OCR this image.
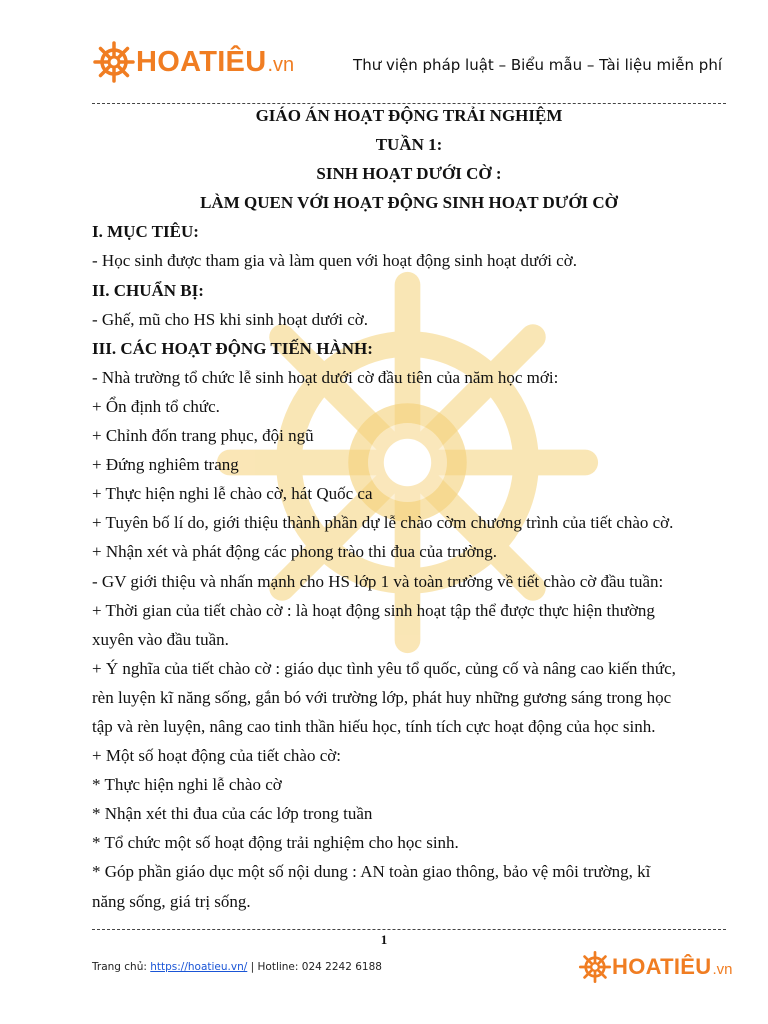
HOATIÊU .vn	Thư viện pháp luật – Biểu mẫu – Tài liệu miễn phí

GIÁO ÁN HOẠT ĐỘNG TRẢI NGHIỆM

TUẦN 1:

SINH HOẠT DƯỚI CỜ :

LÀM QUEN VỚI HOẠT ĐỘNG SINH HOẠT DƯỚI CỜ

I. MỤC TIÊU:

- Học sinh được tham gia và làm quen với hoạt động sinh hoạt dưới cờ.

II. CHUẨN BỊ:

- Ghế, mũ cho HS khi sinh hoạt dưới cờ.

III. CÁC HOẠT ĐỘNG TIẾN HÀNH:

- Nhà trường tổ chức lễ sinh hoạt dưới cờ đầu tiên của năm học mới:

+ Ổn định tổ chức.

+ Chỉnh đốn trang phục, đội ngũ

+ Đứng nghiêm trang

+ Thực hiện nghi lễ chào cờ, hát Quốc ca

+ Tuyên bố lí do, giới thiệu thành phần dự lễ chào cờm chương trình của tiết chào cờ.

+ Nhận xét và phát động các phong trào thi đua của trường.

- GV giới thiệu và nhấn mạnh cho HS lớp 1 và toàn trường về tiết chào cờ đầu tuần:

+ Thời gian của tiết chào cờ : là hoạt động sinh hoạt tập thể được thực hiện thường

xuyên vào đầu tuần.

+ Ý nghĩa của tiết chào cờ : giáo dục tình yêu tổ quốc, củng cố và nâng cao kiến thức,

rèn luyện kĩ năng sống, gắn bó với trường lớp, phát huy những gương sáng trong học

tập và rèn luyện, nâng cao tinh thần hiếu học, tính tích cực hoạt động của học sinh.

+ Một số hoạt động của tiết chào cờ:

* Thực hiện nghi lễ chào cờ

* Nhận xét thi đua của các lớp trong tuần

* Tổ chức một số hoạt động trải nghiệm cho học sinh.

* Góp phần giáo dục một số nội dung : AN toàn giao thông, bảo vệ môi trường, kĩ

năng sống, giá trị sống.

1
Trang chủ: https://hoatieu.vn/ | Hotline: 024 2242 6188	HOATIÊU .vn
